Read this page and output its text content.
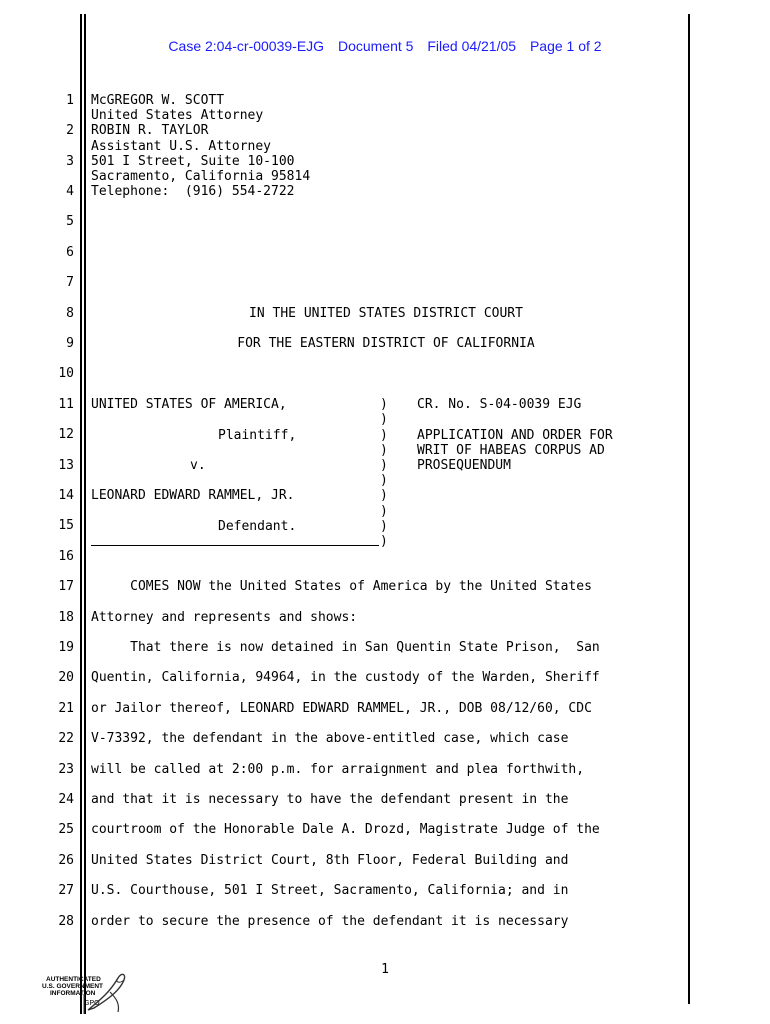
Case 2:04-cr-00039-EJG Document 5 Filed 04/21/05 Page 1 of 2
1
2
3
4
5
6
7
8
9
10
11
12
13
14
15
16
17
18
19
20
21
22
23
24
25
26
27
28
McGREGOR W. SCOTT
United States Attorney
ROBIN R. TAYLOR
Assistant U.S. Attorney
501 I Street, Suite 10-100
Sacramento, California 95814
Telephone:  (916) 554-2722
IN THE UNITED STATES DISTRICT COURT
FOR THE EASTERN DISTRICT OF CALIFORNIA
UNITED STATES OF AMERICA,
Plaintiff,
v.
LEONARD EDWARD RAMMEL, JR.
Defendant.
)
)
)
)
)
)
)
)
)
)
CR. No. S-04-0039 EJG
APPLICATION AND ORDER FOR
WRIT OF HABEAS CORPUS AD
PROSEQUENDUM
COMES NOW the United States of America by the United States
Attorney and represents and shows:
That there is now detained in San Quentin State Prison,  San
Quentin, California, 94964, in the custody of the Warden, Sheriff
or Jailor thereof, LEONARD EDWARD RAMMEL, JR., DOB 08/12/60, CDC
V-73392, the defendant in the above-entitled case, which case
will be called at 2:00 p.m. for arraignment and plea forthwith,
and that it is necessary to have the defendant present in the
courtroom of the Honorable Dale A. Drozd, Magistrate Judge of the
United States District Court, 8th Floor, Federal Building and
U.S. Courthouse, 501 I Street, Sacramento, California; and in
order to secure the presence of the defendant it is necessary
1
AUTHENTICATED
U.S. GOVERNMENT
INFORMATION
GPO
